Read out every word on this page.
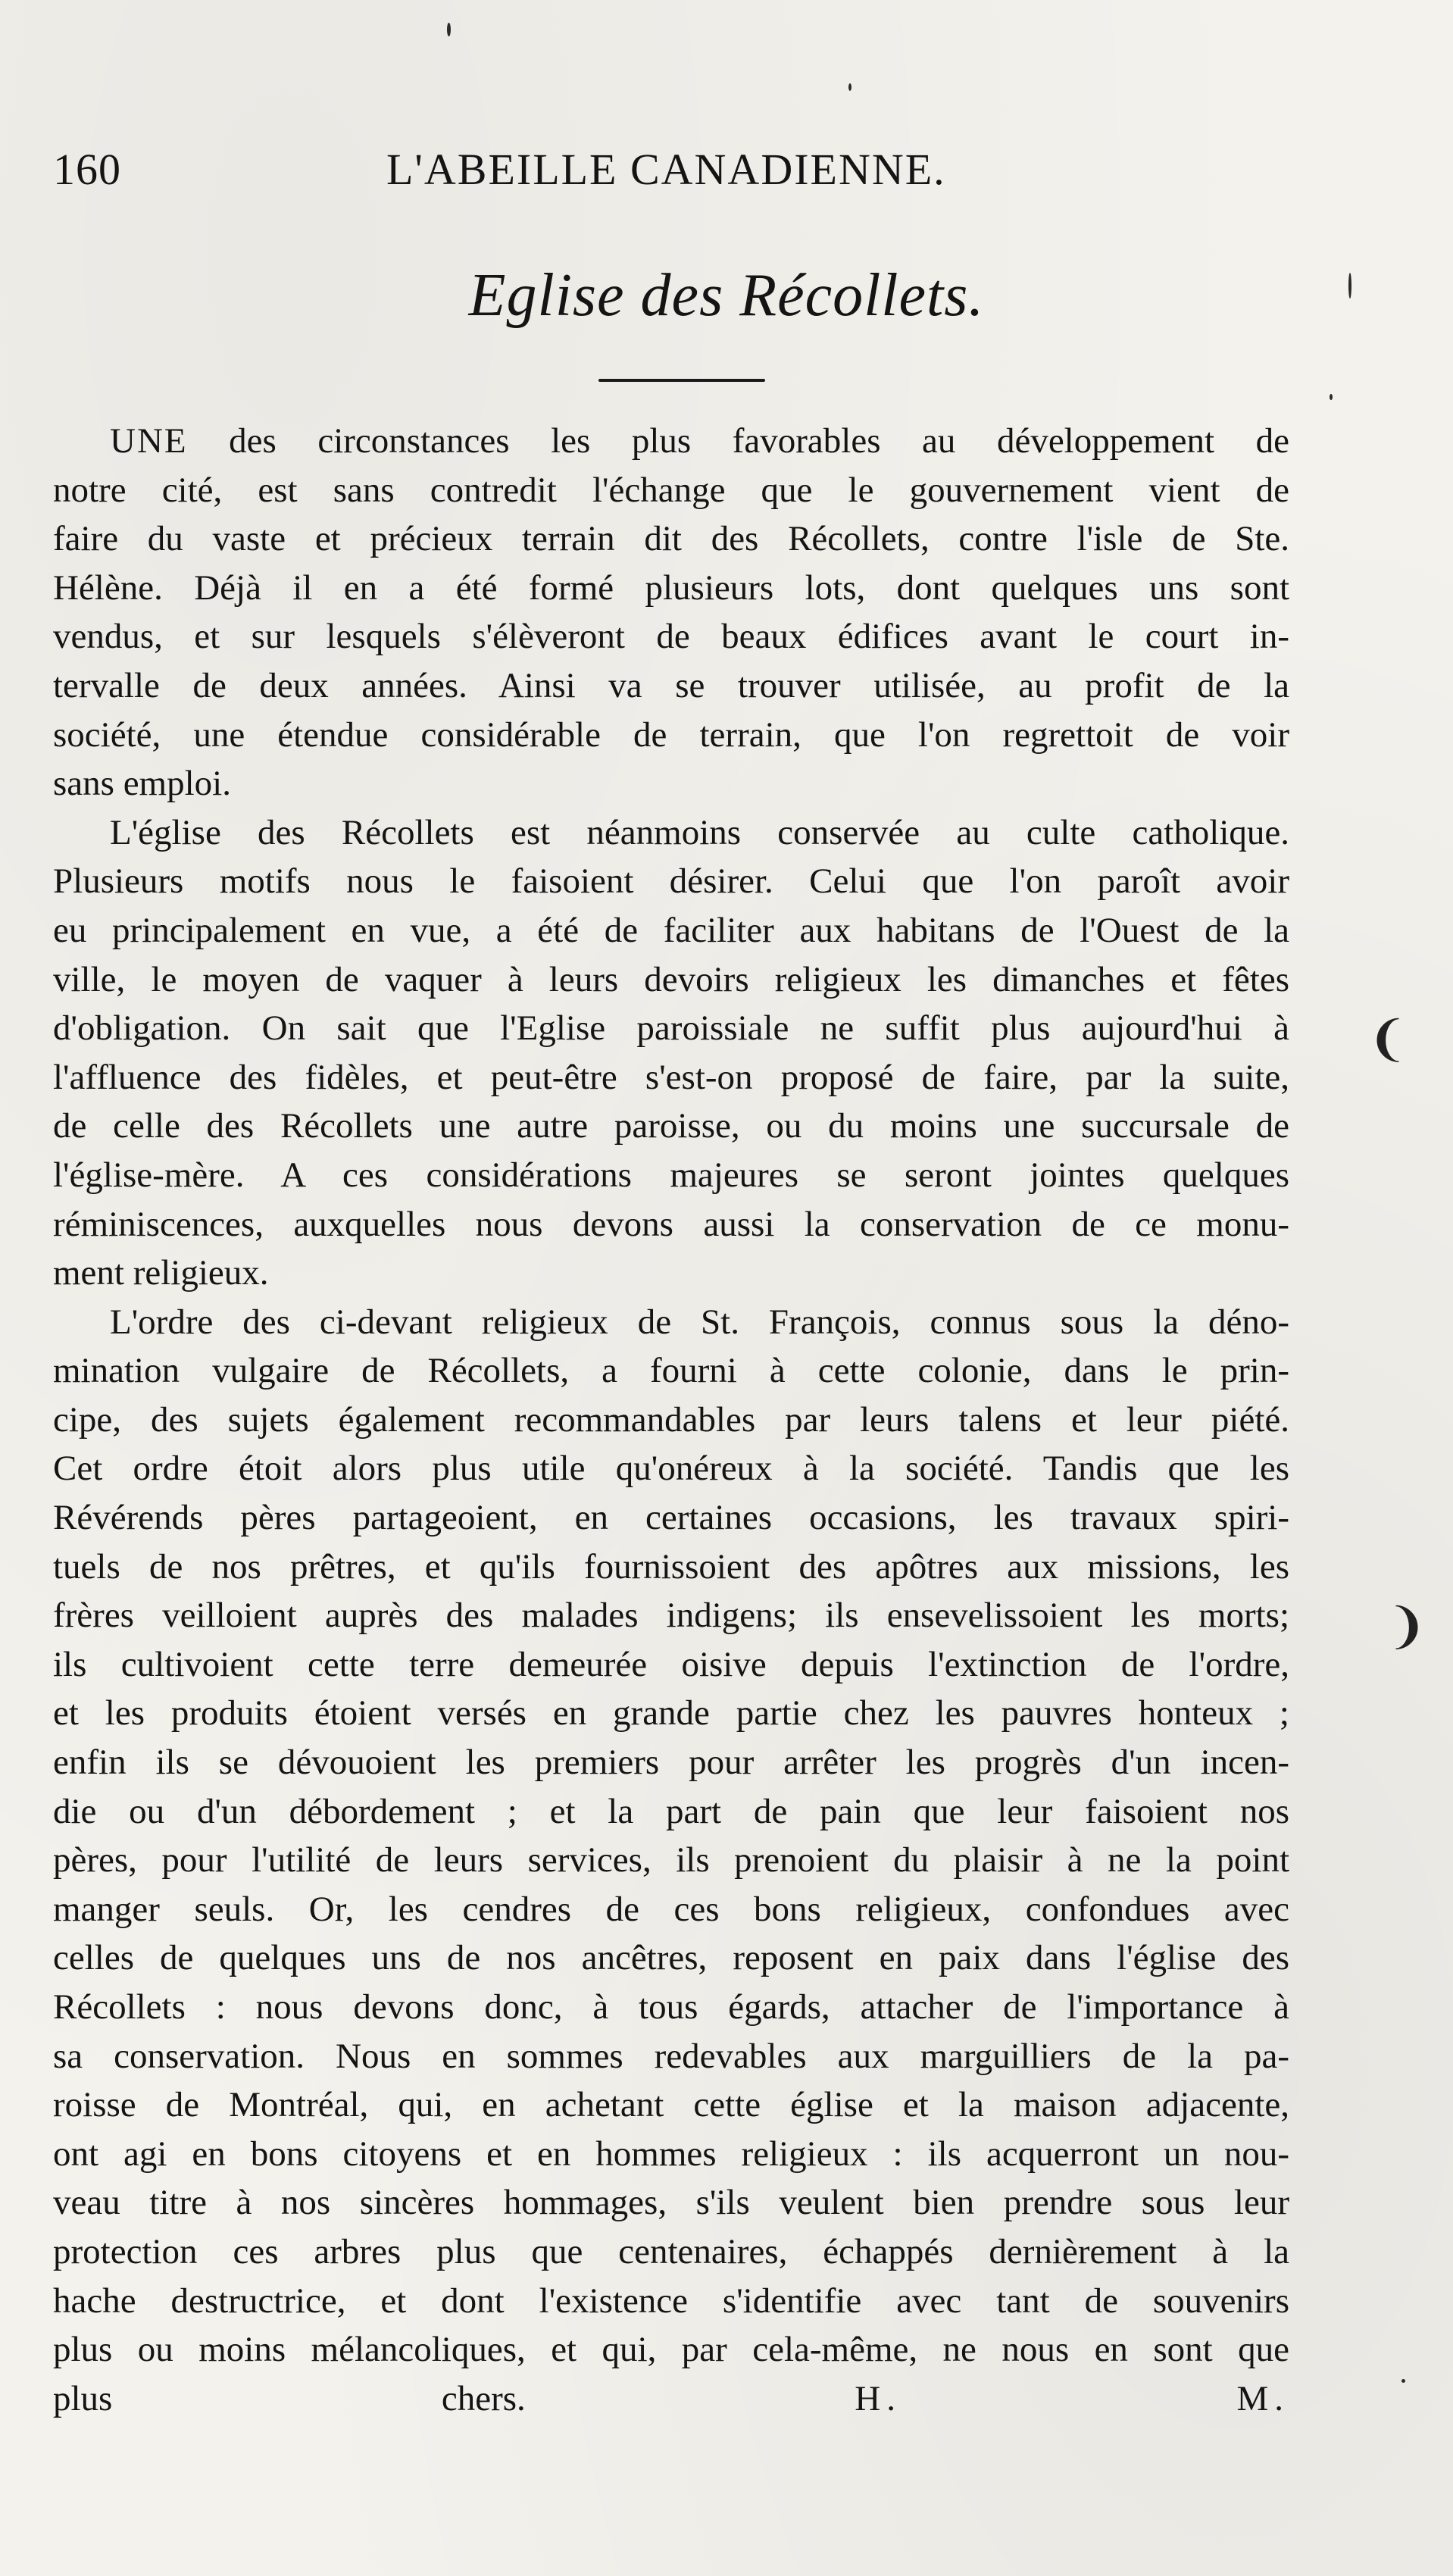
160	L'ABEILLE CANADIENNE.
Eglise des Récollets.
UNE des circonstances les plus favorables au développement de
notre cité, est sans contredit l'échange que le gouvernement vient de
faire du vaste et précieux terrain dit des Récollets, contre l'isle de Ste.
Hélène. Déjà il en a été formé plusieurs lots, dont quelques uns sont
vendus, et sur lesquels s'élèveront de beaux édifices avant le court in-
tervalle de deux années. Ainsi va se trouver utilisée, au profit de la
société, une étendue considérable de terrain, que l'on regrettoit de voir
sans emploi.
L'église des Récollets est néanmoins conservée au culte catholique.
Plusieurs motifs nous le faisoient désirer. Celui que l'on paroît avoir
eu principalement en vue, a été de faciliter aux habitans de l'Ouest de la
ville, le moyen de vaquer à leurs devoirs religieux les dimanches et fêtes
d'obligation. On sait que l'Eglise paroissiale ne suffit plus aujourd'hui à
l'affluence des fidèles, et peut-être s'est-on proposé de faire, par la suite,
de celle des Récollets une autre paroisse, ou du moins une succursale de
l'église-mère. A ces considérations majeures se seront jointes quelques
réminiscences, auxquelles nous devons aussi la conservation de ce monu-
ment religieux.
L'ordre des ci-devant religieux de St. François, connus sous la déno-
mination vulgaire de Récollets, a fourni à cette colonie, dans le prin-
cipe, des sujets également recommandables par leurs talens et leur piété.
Cet ordre étoit alors plus utile qu'onéreux à la société. Tandis que les
Révérends pères partageoient, en certaines occasions, les travaux spiri-
tuels de nos prêtres, et qu'ils fournissoient des apôtres aux missions, les
frères veilloient auprès des malades indigens; ils ensevelissoient les morts;
ils cultivoient cette terre demeurée oisive depuis l'extinction de l'ordre,
et les produits étoient versés en grande partie chez les pauvres honteux ;
enfin ils se dévouoient les premiers pour arrêter les progrès d'un incen-
die ou d'un débordement ; et la part de pain que leur faisoient nos
pères, pour l'utilité de leurs services, ils prenoient du plaisir à ne la point
manger seuls. Or, les cendres de ces bons religieux, confondues avec
celles de quelques uns de nos ancêtres, reposent en paix dans l'église des
Récollets : nous devons donc, à tous égards, attacher de l'importance à
sa conservation. Nous en sommes redevables aux marguilliers de la pa-
roisse de Montréal, qui, en achetant cette église et la maison adjacente,
ont agi en bons citoyens et en hommes religieux : ils acquerront un nou-
veau titre à nos sincères hommages, s'ils veulent bien prendre sous leur
protection ces arbres plus que centenaires, échappés dernièrement à la
hache destructrice, et dont l'existence s'identifie avec tant de souvenirs
plus ou moins mélancoliques, et qui, par cela-même, ne nous en sont que
plus chers.	H. M.
❨
❩
